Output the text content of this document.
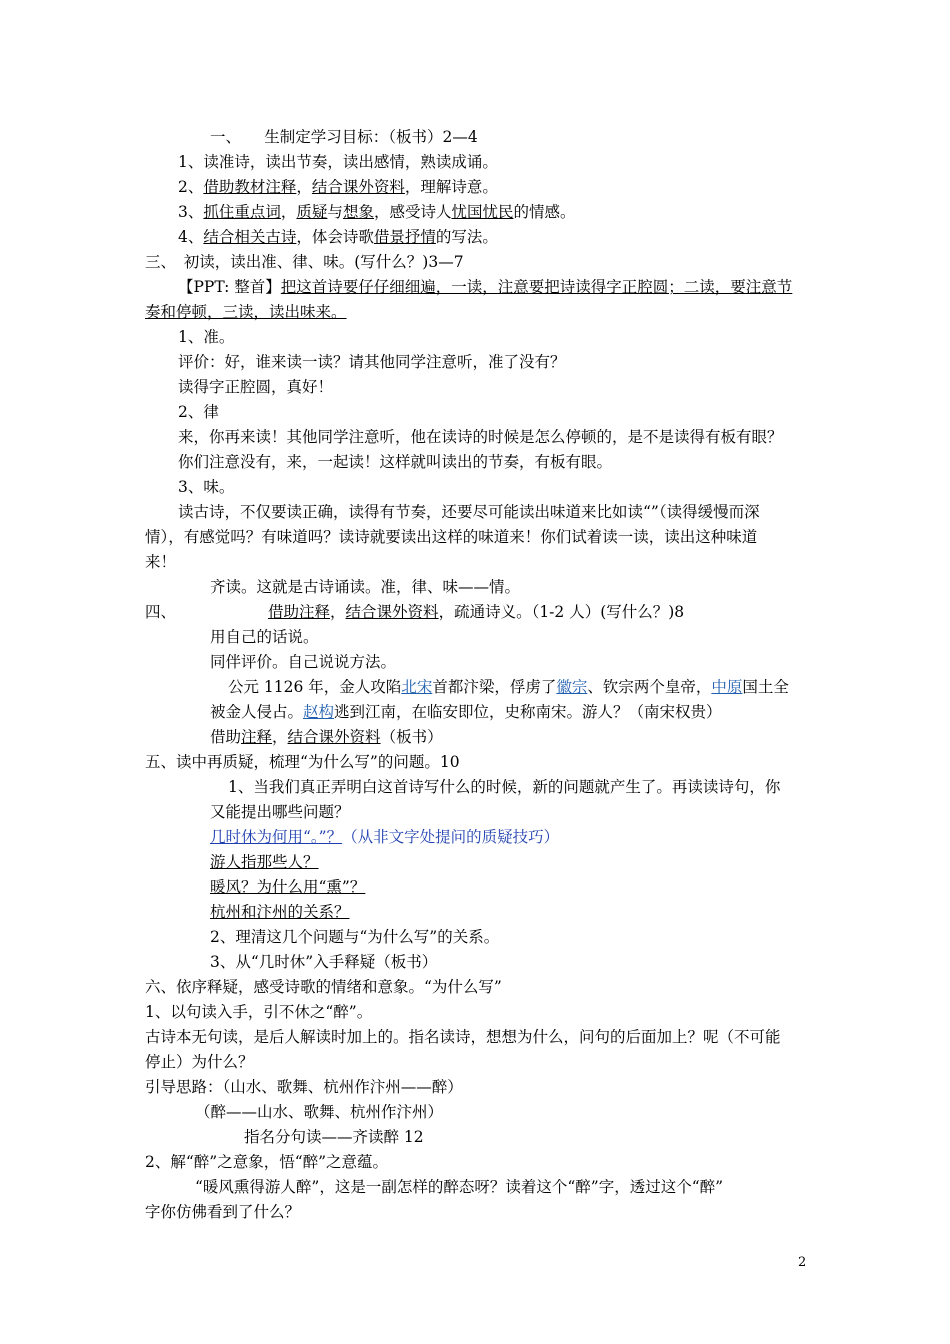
一、　　生制定学习目标：（板书）2—4
1、读准诗，读出节奏，读出感情，熟读成诵。
2、借助教材注释，结合课外资料，理解诗意。
3、抓住重点词，质疑与想象，感受诗人忧国忧民的情感。
4、结合相关古诗，体会诗歌借景抒情的写法。
三、　初读，读出准、律、味。(写什么？)3—7
【PPT: 整首】把这首诗要仔仔细细遍，一读，注意要把诗读得字正腔圆；二读，要注意节
奏和停顿，三读，读出味来。
1、准。
评价：好，谁来读一读？请其他同学注意听，准了没有？
读得字正腔圆，真好！
2、律
来，你再来读！其他同学注意听，他在读诗的时候是怎么停顿的，是不是读得有板有眼？
你们注意没有，来，一起读！这样就叫读出的节奏，有板有眼。
3、味。
读古诗，不仅要读正确，读得有节奏，还要尽可能读出味道来比如读“”（读得缓慢而深
情），有感觉吗？有味道吗？读诗就要读出这样的味道来！你们试着读一读，读出这种味道
来！
齐读。这就是古诗诵读。准，律、味——情。
四、	借助注释，结合课外资料，疏通诗义。（1-2 人）(写什么？)8
用自己的话说。
同伴评价。自己说说方法。
公元 1126 年，金人攻陷北宋首都汴梁，俘虏了徽宗、钦宗两个皇帝，中原国土全
被金人侵占。赵构逃到江南，在临安即位，史称南宋。游人？（南宋权贵）
借助注释，结合课外资料（板书）
五、读中再质疑，梳理“为什么写”的问题。10
1、当我们真正弄明白这首诗写什么的时候，新的问题就产生了。再读读诗句，你
又能提出哪些问题？
几时休为何用“。”？（从非文字处提问的质疑技巧）
游人指那些人？
暖风？为什么用“熏”？
杭州和汴州的关系？
2、理清这几个问题与“为什么写”的关系。
3、从“几时休”入手释疑（板书）
六、依序释疑，感受诗歌的情绪和意象。“为什么写”
1、以句读入手，引不休之“醉”。
古诗本无句读，是后人解读时加上的。指名读诗，想想为什么，问句的后面加上？呢（不可能
停止）为什么？
引导思路：（山水、歌舞、杭州作汴州——醉）
（醉——山水、歌舞、杭州作汴州）
指名分句读——齐读醉 12
2、解“醉”之意象，悟“醉”之意蕴。
“暖风熏得游人醉”，这是一副怎样的醉态呀？读着这个“醉”字，透过这个“醉”
字你仿佛看到了什么？
2
